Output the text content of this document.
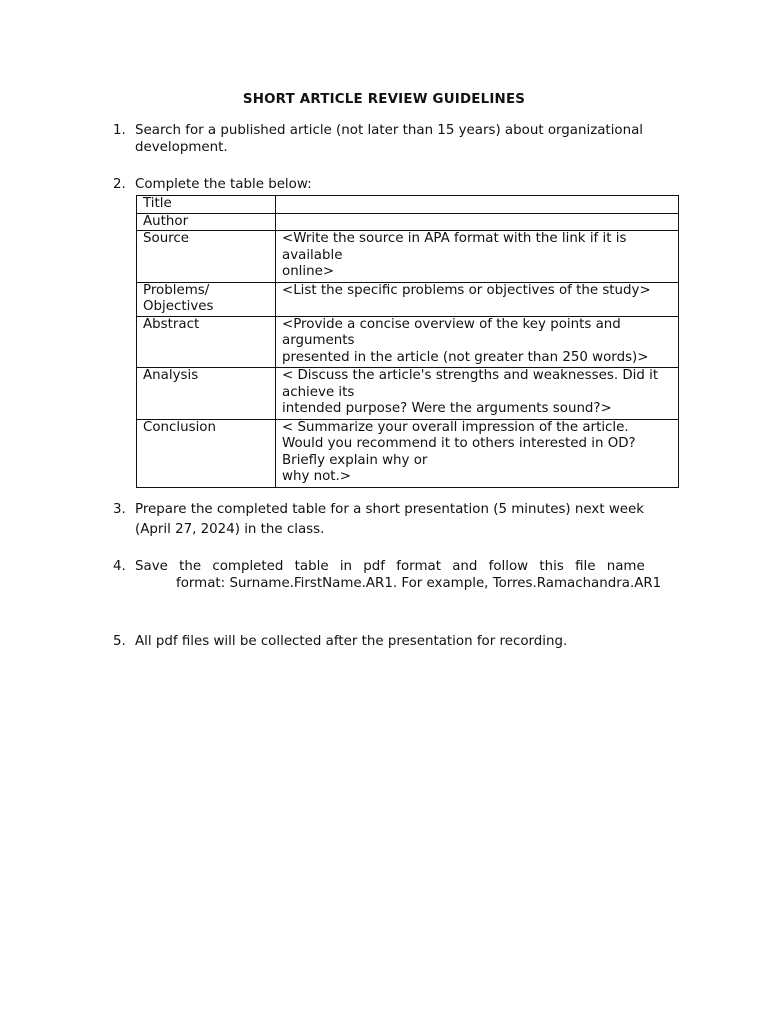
SHORT ARTICLE REVIEW GUIDELINES
1. Search for a published article (not later than 15 years) about organizational
development.
2. Complete the table below:
Title	

Author	

Source	<Write the source in APA format with the link if it is
available
online>

Problems/
Objectives	<List the specific problems or objectives of the study>

Abstract	<Provide a concise overview of the key points and
arguments
presented in the article (not greater than 250 words)>

Analysis	< Discuss the article's strengths and weaknesses. Did it
achieve its
intended purpose? Were the arguments sound?>

Conclusion	< Summarize your overall impression of the article.
Would you recommend it to others interested in OD?
Briefly explain why or
why not.>
3. Prepare the completed table for a short presentation (5 minutes) next week
(April 27, 2024) in the class.
4. Save the completed table in pdf format and follow this file name
format: Surname.FirstName.AR1. For example, Torres.Ramachandra.AR1
5. All pdf files will be collected after the presentation for recording.
